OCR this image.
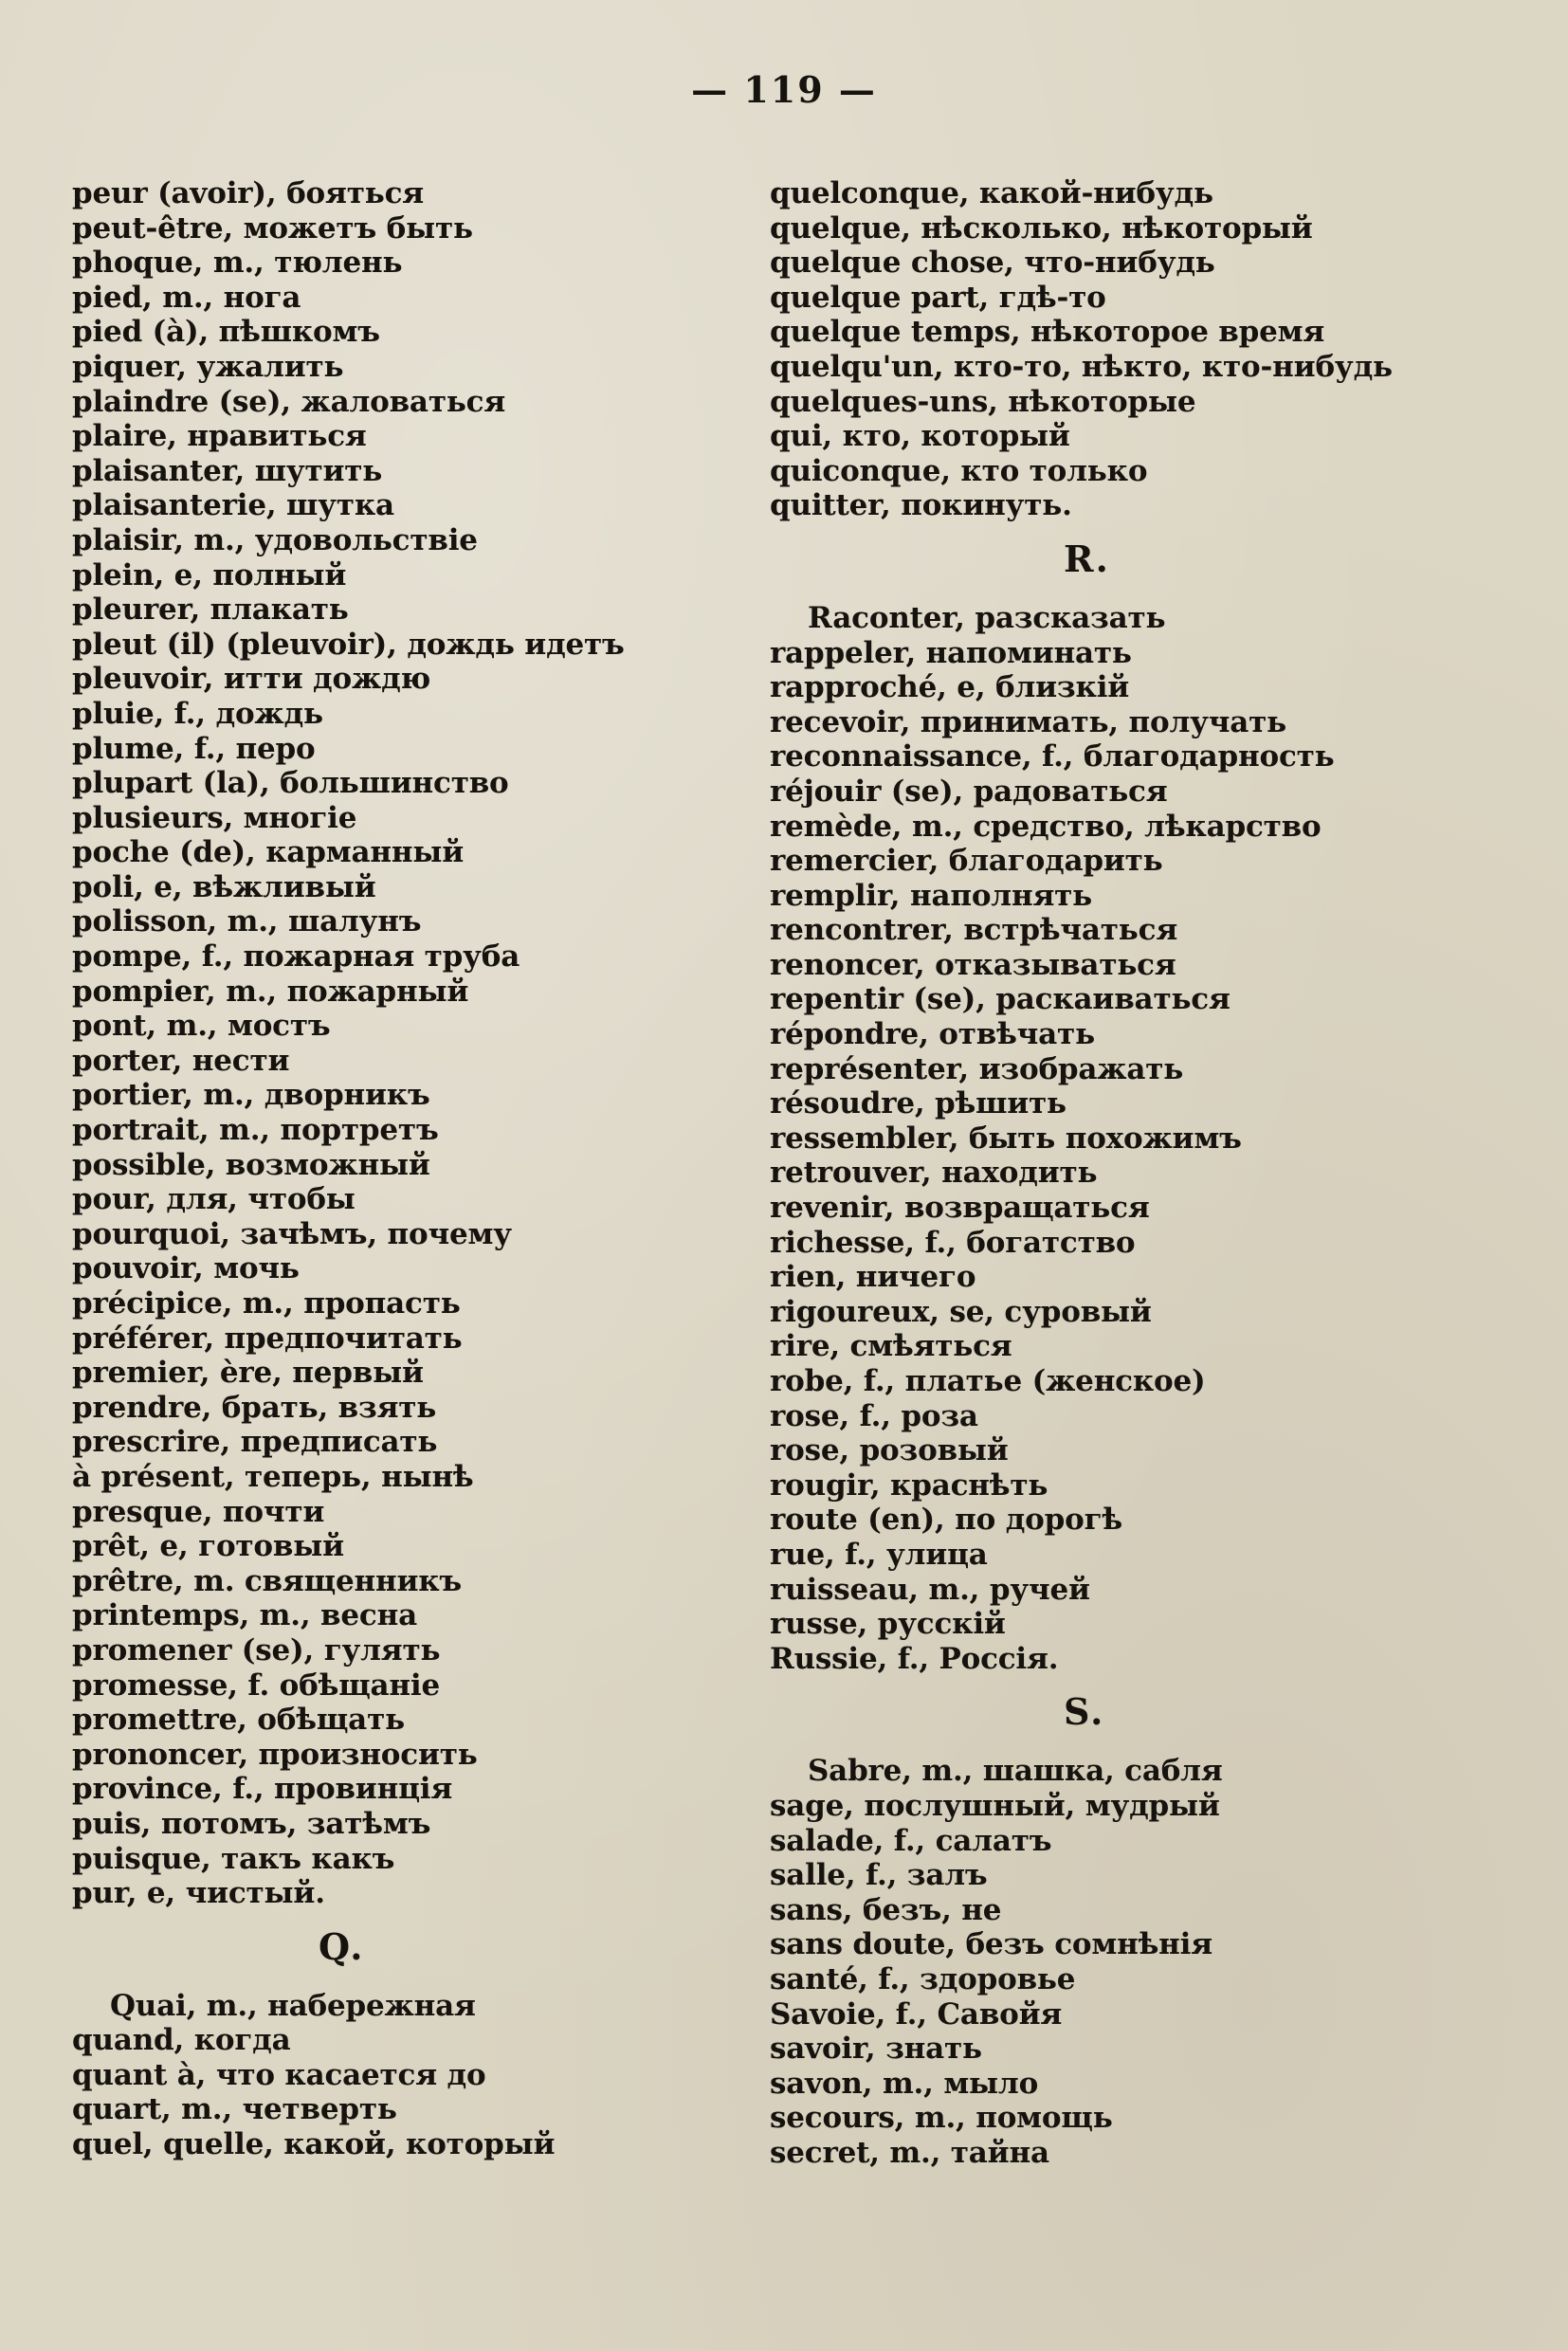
— 119 —
peur (avoir), бояться
peut-être, можетъ быть
phoque, m., тюлень
pied, m., нога
pied (à), пѣшкомъ
piquer, ужалить
plaindre (se), жаловаться
plaire, нравиться
plaisanter, шутить
plaisanterie, шутка
plaisir, m., удовольствіе
plein, e, полный
pleurer, плакать
pleut (il) (pleuvoir), дождь идетъ
pleuvoir, итти дождю
pluie, f., дождь
plume, f., перо
plupart (la), большинство
plusieurs, многіе
poche (de), карманный
poli, e, вѣжливый
polisson, m., шалунъ
pompe, f., пожарная труба
pompier, m., пожарный
pont, m., мостъ
porter, нести
portier, m., дворникъ
portrait, m., портретъ
possible, возможный
pour, для, чтобы
pourquoi, зачѣмъ, почему
pouvoir, мочь
précipice, m., пропасть
préférer, предпочитать
premier, ère, первый
prendre, брать, взять
prescrire, предписать
à présent, теперь, нынѣ
presque, почти
prêt, e, готовый
prêtre, m. священникъ
printemps, m., весна
promener (se), гулять
promesse, f. обѣщаніе
promettre, обѣщать
prononcer, произносить
province, f., провинція
puis, потомъ, затѣмъ
puisque, такъ какъ
pur, e, чистый.
Q.
Quai, m., набережная
quand, когда
quant à, что касается до
quart, m., четверть
quel, quelle, какой, который
quelconque, какой-нибудь
quelque, нѣсколько, нѣкоторый
quelque chose, что-нибудь
quelque part, гдѣ-то
quelque temps, нѣкоторое время
quelqu'un, кто-то, нѣкто, кто-нибудь
quelques-uns, нѣкоторые
qui, кто, который
quiconque, кто только
quitter, покинуть.
R.
Raconter, разсказать
rappeler, напоминать
rapproché, e, близкій
recevoir, принимать, получать
reconnaissance, f., благодарность
réjouir (se), радоваться
remède, m., средство, лѣкарство
remercier, благодарить
remplir, наполнять
rencontrer, встрѣчаться
renoncer, отказываться
repentir (se), раскаиваться
répondre, отвѣчать
représenter, изображать
résoudre, рѣшить
ressembler, быть похожимъ
retrouver, находить
revenir, возвращаться
richesse, f., богатство
rien, ничего
rigoureux, se, суровый
rire, смѣяться
robe, f., платье (женское)
rose, f., роза
rose, розовый
rougir, краснѣть
route (en), по дорогѣ
rue, f., улица
ruisseau, m., ручей
russe, русскій
Russie, f., Россія.
S.
Sabre, m., шашка, сабля
sage, послушный, мудрый
salade, f., салатъ
salle, f., залъ
sans, безъ, не
sans doute, безъ сомнѣнія
santé, f., здоровье
Savoie, f., Савойя
savoir, знать
savon, m., мыло
secours, m., помощь
secret, m., тайна
